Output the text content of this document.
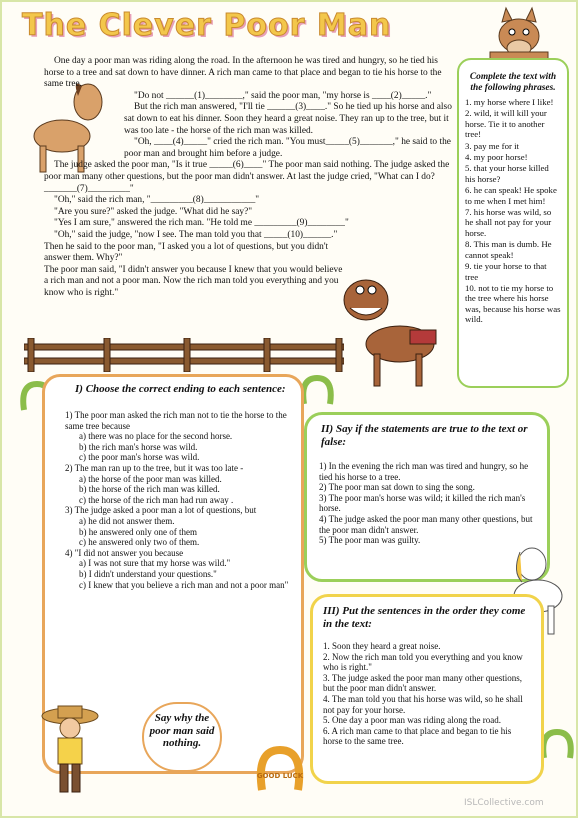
The Clever Poor Man

One day a poor man was riding along the road. In the afternoon he was tired and hungry, so he tied his horse to a tree and sat down to have dinner. A rich man came to that place and began to tie his horse to the same tree.

"Do not ______(1)________," said the poor man, "my horse is ____(2)_____."

But the rich man answered, "I'll tie ______(3)____." So he tied up his horse and also sat down to eat his dinner. Soon they heard a great noise. They ran up to the tree, but it was too late - the horse of the rich man was killed.

"Oh, ____(4)_____" cried the rich man. "You must_____(5)_______," he said to the poor man and brought him before a judge.

The judge asked the poor man, "Is it true _____(6)____" The poor man said nothing. The judge asked the poor man many other questions, but the poor man didn't answer. At last the judge cried, "What can I do?_______(7)_________"

"Oh," said the rich man, "_________(8)___________"

"Are you sure?" asked the judge. "What did he say?"

"Yes I am sure," answered the rich man. "He told me _________(9)________"

"Oh," said the judge, "now I see. The man told you that _____(10)______." Then he said to the poor man, "I asked you a lot of questions, but you didn't answer them. Why?"

The poor man said, "I didn't answer you because I knew that you would believe a rich man and not a poor man. Now the rich man told you everything and you know who is right."

Complete the text with the following phrases.
1. my horse where I like!
2. wild, it will kill your horse. Tie it to another tree!
3. pay me for it
4. my poor horse!
5. that your horse killed his horse?
6. he can speak! He spoke to me when I met him!
7. his horse was wild, so he shall not pay for your horse.
8. This man is dumb. He cannot speak!
9. tie your horse to that tree
10. not to tie my horse to the tree where his horse was, because his horse was wild.
I) Choose the correct ending to each sentence:
1) The poor man asked the rich man not to tie the horse to the same tree because
a) there was no place for the second horse.
b) the rich man's horse was wild.
c) the poor man's horse was wild.
2) The man ran up to the tree, but it was too late -
a) the horse of the poor man was killed.
b) the horse of the rich man was killed.
c) the horse of the rich man had run away .
3) The judge asked a poor man a lot of questions, but
a) he did not answer them.
b) he answered only one of them
c) he answered only two of them.
4) "I did not answer you because
a) I was not sure that my horse was wild."
b) I didn't understand your questions."
c) I knew that you believe a rich man and not a poor man"
II) Say if the statements are true to the text or false:
1) In the evening the rich man was tired and hungry, so he tied his horse to a tree.
2) The poor man sat down to sing the song.
3) The poor man's horse was wild; it killed the rich man's horse.
4) The judge asked the poor man many other questions, but the poor man didn't answer.
5) The poor man was guilty.
III) Put the sentences in the order they come in the text:
1. Soon they heard a great noise.
2. Now the rich man told you everything and you know who is right."
3. The judge asked the poor man many other questions, but the poor man didn't answer.
4. The man told you that his horse was wild, so he shall not pay for your horse.
5. One day a poor man was riding along the road.
6. A rich man came to that place and began to tie his horse to the same tree.
Say why the poor man said nothing.
GOOD LUCK
ISLCollective.com
